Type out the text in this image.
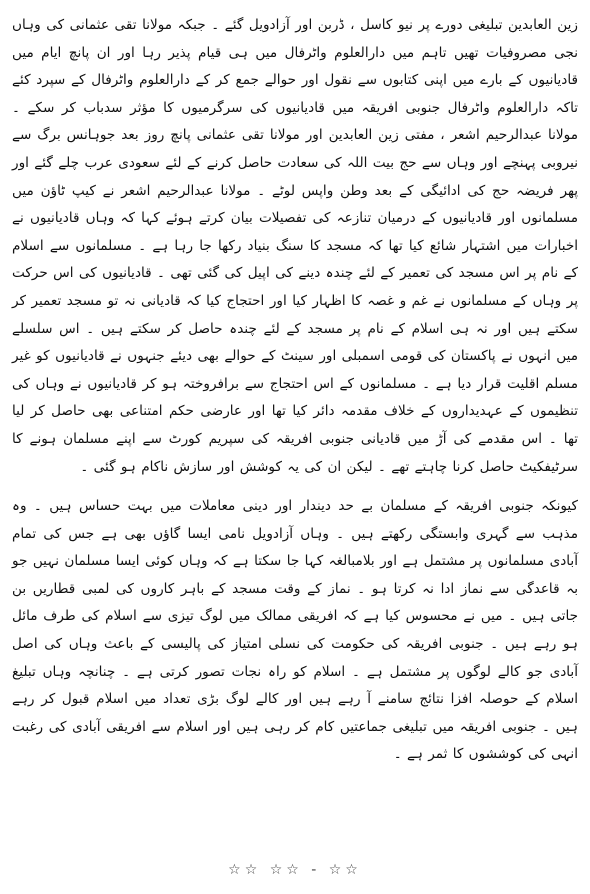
زین العابدین تبلیغی دورے پر نیو کاسل ، ڈربن اور آزادویل گئے ۔ جبکہ مولانا تقی عثمانی کی وہاں نجی مصروفیات تھیں تاہم میں دارالعلوم واٹرفال میں ہی قیام پذیر رہا اور ان پانچ ایام میں قادیانیوں کے بارے میں اپنی کتابوں سے نقول اور حوالے جمع کر کے دارالعلوم واٹرفال کے سپرد کئے تاکہ دارالعلوم واٹرفال جنوبی افریقہ میں قادیانیوں کی سرگرمیوں کا مؤثر سدباب کر سکے ۔ مولانا عبدالرحیم اشعر ، مفتی زین العابدین اور مولانا تقی عثمانی پانچ روز بعد جوہانس برگ سے نیروبی پہنچے اور وہاں سے حج بیت اللہ کی سعادت حاصل کرنے کے لئے سعودی عرب چلے گئے اور پھر فریضہ حج کی ادائیگی کے بعد وطن واپس لوٹے ۔ مولانا عبدالرحیم اشعر نے کیپ ٹاؤن میں مسلمانوں اور قادیانیوں کے درمیان تنازعہ کی تفصیلات بیان کرتے ہوئے کہا کہ وہاں قادیانیوں نے اخبارات میں اشتہار شائع کیا تھا کہ مسجد کا سنگ بنیاد رکھا جا رہا ہے ۔ مسلمانوں سے اسلام کے نام پر اس مسجد کی تعمیر کے لئے چندہ دینے کی اپیل کی گئی تھی ۔ قادیانیوں کی اس حرکت پر وہاں کے مسلمانوں نے غم و غصہ کا اظہار کیا اور احتجاج کیا کہ قادیانی نہ تو مسجد تعمیر کر سکتے ہیں اور نہ ہی اسلام کے نام پر مسجد کے لئے چندہ حاصل کر سکتے ہیں ۔ اس سلسلے میں انہوں نے پاکستان کی قومی اسمبلی اور سینٹ کے حوالے بھی دیئے جنہوں نے قادیانیوں کو غیر مسلم اقلیت قرار دیا ہے ۔ مسلمانوں کے اس احتجاج سے برافروختہ ہو کر قادیانیوں نے وہاں کی تنظیموں کے عہدیداروں کے خلاف مقدمہ دائر کیا تھا اور عارضی حکم امتناعی بھی حاصل کر لیا تھا ۔ اس مقدمے کی آڑ میں قادیانی جنوبی افریقہ کی سپریم کورٹ سے اپنے مسلمان ہونے کا سرٹیفکیٹ حاصل کرنا چاہتے تھے ۔ لیکن ان کی یہ کوشش اور سازش ناکام ہو گئی ۔

کیونکہ جنوبی افریقہ کے مسلمان بے حد دیندار اور دینی معاملات میں بہت حساس ہیں ۔ وہ مذہب سے گہری وابستگی رکھتے ہیں ۔ وہاں آزادویل نامی ایسا گاؤں بھی ہے جس کی تمام آبادی مسلمانوں پر مشتمل ہے اور بلامبالغہ کہا جا سکتا ہے کہ وہاں کوئی ایسا مسلمان نہیں جو بہ قاعدگی سے نماز ادا نہ کرتا ہو ۔ نماز کے وقت مسجد کے باہر کاروں کی لمبی قطاریں بن جاتی ہیں ۔ میں نے محسوس کیا ہے کہ افریقی ممالک میں لوگ تیزی سے اسلام کی طرف مائل ہو رہے ہیں ۔ جنوبی افریقہ کی حکومت کی نسلی امتیاز کی پالیسی کے باعث وہاں کی اصل آبادی جو کالے لوگوں پر مشتمل ہے ۔ اسلام کو راہ نجات تصور کرتی ہے ۔ چنانچہ وہاں تبلیغ اسلام کے حوصلہ افزا نتائج سامنے آ رہے ہیں اور کالے لوگ بڑی تعداد میں اسلام قبول کر رہے ہیں ۔ جنوبی افریقہ میں تبلیغی جماعتیں کام کر رہی ہیں اور اسلام سے افریقی آبادی کی رغبت انہی کی کوششوں کا ثمر ہے ۔

☆☆ ☆☆ - ☆☆
